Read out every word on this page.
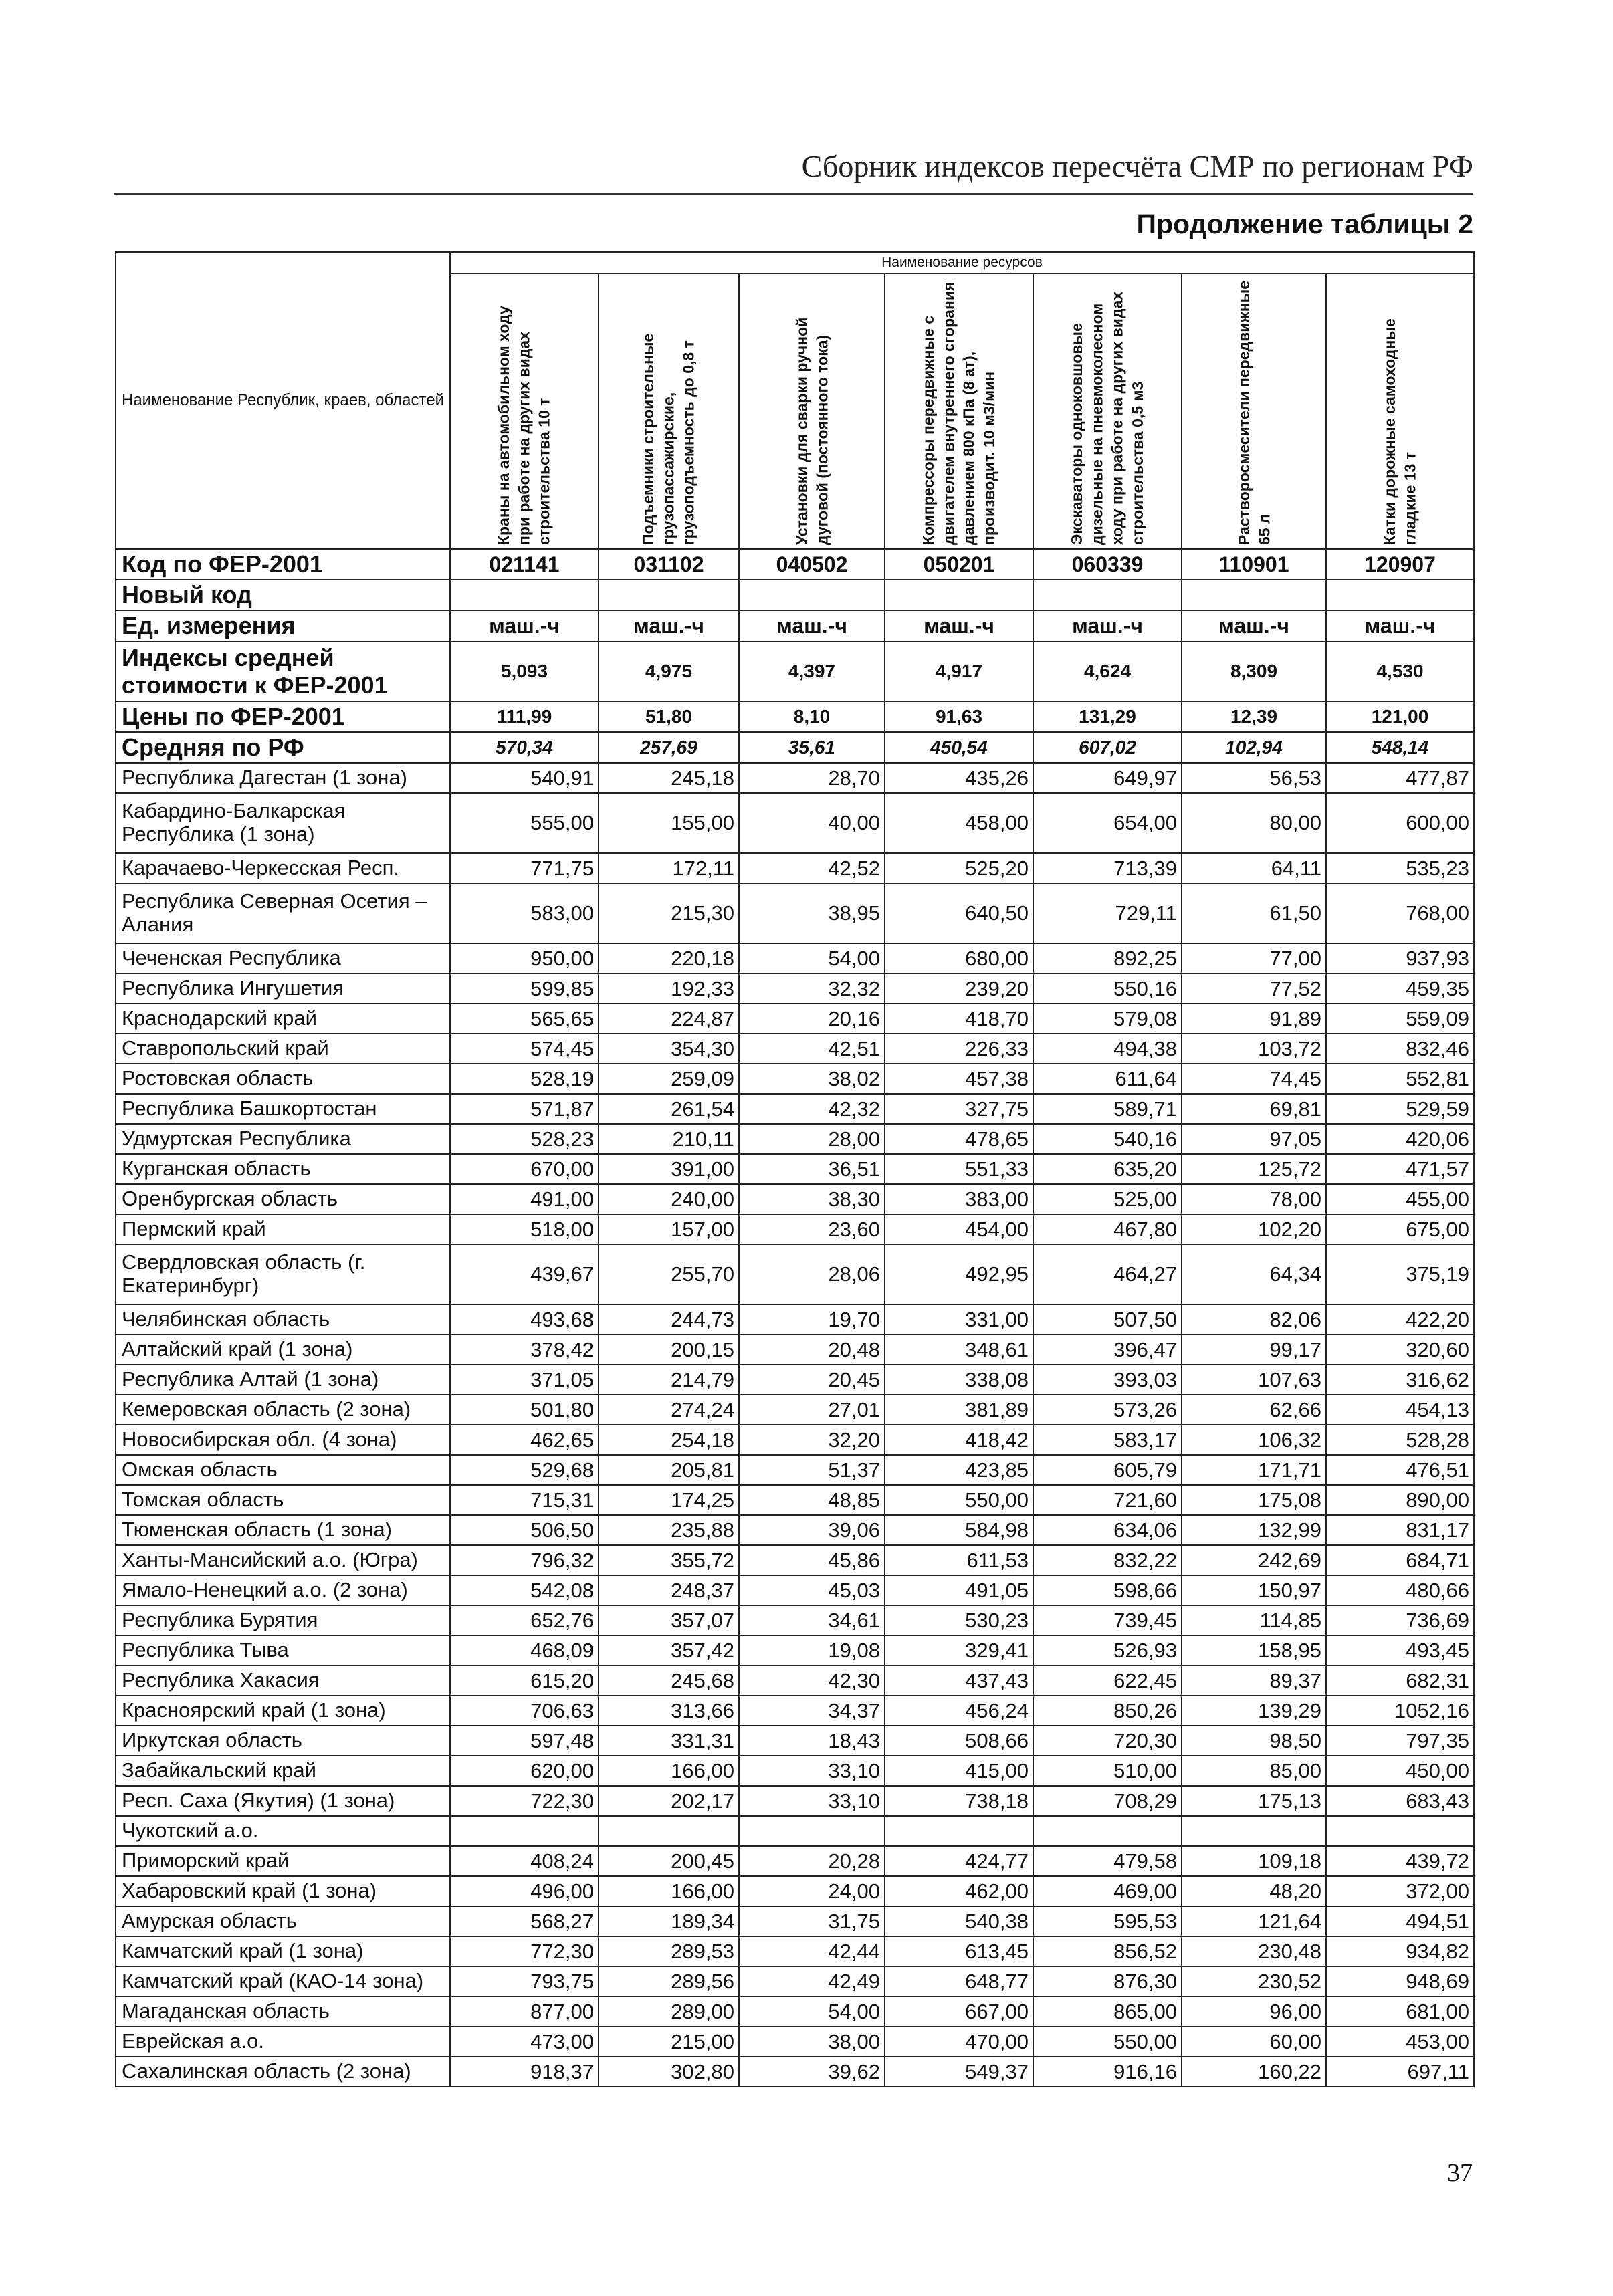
Сборник индексов пересчёта СМР по регионам РФ
Продолжение таблицы 2
Наименование Республик, краев, областей	Наименование ресурсов						

	Краны на автомобильном ходу при работе на других видах строительства 10 т	Подъемники строительные грузопассажирские, грузоподъемность до 0,8 т	Установки для сварки ручной дуговой (постоянного тока)	Компрессоры передвижные с двигателем внутреннего сгорания давлением 800 кПа (8 ат), производит. 10 м3/мин	Экскаваторы одноковшовые дизельные на пневмоколесном ходу при работе на других видах строительства 0,5 м3	Растворосмесители передвижные 65 л	Катки дорожные самоходные гладкие 13 т

Код по ФЕР-2001	021141	031102	040502	050201	060339	110901	120907
Новый код							
Ед. измерения	маш.-ч	маш.-ч	маш.-ч	маш.-ч	маш.-ч	маш.-ч	маш.-ч
Индексы средней стоимости к ФЕР-2001	5,093	4,975	4,397	4,917	4,624	8,309	4,530
Цены по ФЕР-2001	111,99	51,80	8,10	91,63	131,29	12,39	121,00
Средняя по РФ	570,34	257,69	35,61	450,54	607,02	102,94	548,14
Республика Дагестан (1 зона)	540,91	245,18	28,70	435,26	649,97	56,53	477,87
Кабардино-Балкарская Республика (1 зона)	555,00	155,00	40,00	458,00	654,00	80,00	600,00
Карачаево-Черкесская Респ.	771,75	172,11	42,52	525,20	713,39	64,11	535,23
Республика Северная Осетия – Алания	583,00	215,30	38,95	640,50	729,11	61,50	768,00
Чеченская Республика	950,00	220,18	54,00	680,00	892,25	77,00	937,93
Республика Ингушетия	599,85	192,33	32,32	239,20	550,16	77,52	459,35
Краснодарский край	565,65	224,87	20,16	418,70	579,08	91,89	559,09
Ставропольский край	574,45	354,30	42,51	226,33	494,38	103,72	832,46
Ростовская область	528,19	259,09	38,02	457,38	611,64	74,45	552,81
Республика Башкортостан	571,87	261,54	42,32	327,75	589,71	69,81	529,59
Удмуртская Республика	528,23	210,11	28,00	478,65	540,16	97,05	420,06
Курганская область	670,00	391,00	36,51	551,33	635,20	125,72	471,57
Оренбургская область	491,00	240,00	38,30	383,00	525,00	78,00	455,00
Пермский край	518,00	157,00	23,60	454,00	467,80	102,20	675,00
Свердловская область (г. Екатеринбург)	439,67	255,70	28,06	492,95	464,27	64,34	375,19
Челябинская область	493,68	244,73	19,70	331,00	507,50	82,06	422,20
Алтайский край (1 зона)	378,42	200,15	20,48	348,61	396,47	99,17	320,60
Республика Алтай (1 зона)	371,05	214,79	20,45	338,08	393,03	107,63	316,62
Кемеровская область (2 зона)	501,80	274,24	27,01	381,89	573,26	62,66	454,13
Новосибирская обл. (4 зона)	462,65	254,18	32,20	418,42	583,17	106,32	528,28
Омская область	529,68	205,81	51,37	423,85	605,79	171,71	476,51
Томская область	715,31	174,25	48,85	550,00	721,60	175,08	890,00
Тюменская область (1 зона)	506,50	235,88	39,06	584,98	634,06	132,99	831,17
Ханты-Мансийский а.о. (Югра)	796,32	355,72	45,86	611,53	832,22	242,69	684,71
Ямало-Ненецкий а.о. (2 зона)	542,08	248,37	45,03	491,05	598,66	150,97	480,66
Республика Бурятия	652,76	357,07	34,61	530,23	739,45	114,85	736,69
Республика Тыва	468,09	357,42	19,08	329,41	526,93	158,95	493,45
Республика Хакасия	615,20	245,68	42,30	437,43	622,45	89,37	682,31
Красноярский край (1 зона)	706,63	313,66	34,37	456,24	850,26	139,29	1052,16
Иркутская область	597,48	331,31	18,43	508,66	720,30	98,50	797,35
Забайкальский край	620,00	166,00	33,10	415,00	510,00	85,00	450,00
Респ. Саха (Якутия) (1 зона)	722,30	202,17	33,10	738,18	708,29	175,13	683,43
Чукотский а.о.							
Приморский край	408,24	200,45	20,28	424,77	479,58	109,18	439,72
Хабаровский край (1 зона)	496,00	166,00	24,00	462,00	469,00	48,20	372,00
Амурская область	568,27	189,34	31,75	540,38	595,53	121,64	494,51
Камчатский край (1 зона)	772,30	289,53	42,44	613,45	856,52	230,48	934,82
Камчатский край (КАО-14 зона)	793,75	289,56	42,49	648,77	876,30	230,52	948,69
Магаданская область	877,00	289,00	54,00	667,00	865,00	96,00	681,00
Еврейская а.о.	473,00	215,00	38,00	470,00	550,00	60,00	453,00
Сахалинская область (2 зона)	918,37	302,80	39,62	549,37	916,16	160,22	697,11
37
